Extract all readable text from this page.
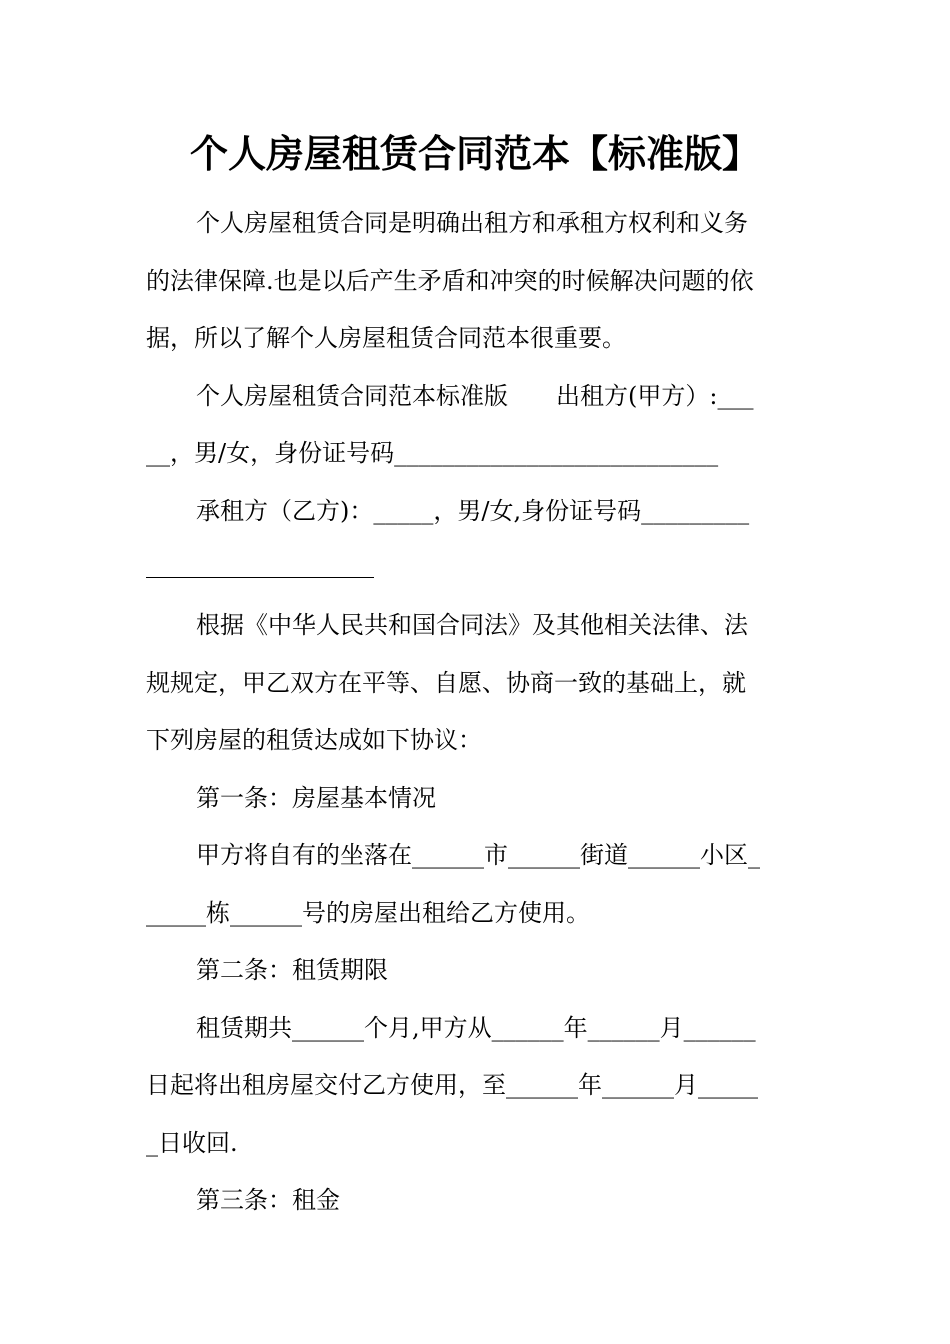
个人房屋租赁合同范本【标准版】
个人房屋租赁合同是明确出租方和承租方权利和义务
的法律保障.也是以后产生矛盾和冲突的时候解决问题的依
据，所以了解个人房屋租赁合同范本很重要。
个人房屋租赁合同范本标准版　　出租方(甲方）:___
__，男/女，身份证号码___________________________
承租方（乙方)：_____，男/女,身份证号码_________
根据《中华人民共和国合同法》及其他相关法律、法
规规定，甲乙双方在平等、自愿、协商一致的基础上，就
下列房屋的租赁达成如下协议：
第一条：房屋基本情况
甲方将自有的坐落在______市______街道______小区_
_____栋______号的房屋出租给乙方使用。
第二条：租赁期限
租赁期共______个月,甲方从______年______月______
日起将出租房屋交付乙方使用，至______年______月_____
_日收回.
第三条：租金
